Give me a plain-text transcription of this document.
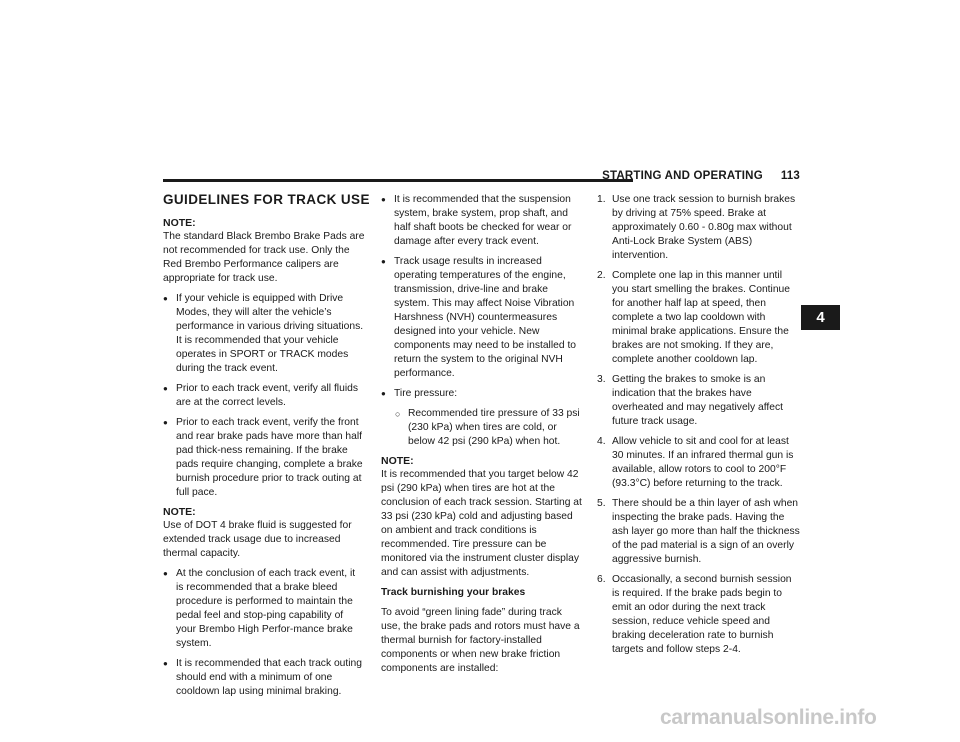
STARTING AND OPERATING 113
4
GUIDELINES FOR TRACK USE
NOTE:

The standard Black Brembo Brake Pads are not recommended for track use. Only the Red Brembo Performance calipers are appropriate for track use.

● If your vehicle is equipped with Drive Modes, they will alter the vehicle’s performance in various driving situations. It is recommended that your vehicle operates in SPORT or TRACK modes during the track event.
● Prior to each track event, verify all fluids are at the correct levels.
● Prior to each track event, verify the front and rear brake pads have more than half pad thick-ness remaining. If the brake pads require changing, complete a brake burnish procedure prior to track outing at full pace.
NOTE:

Use of DOT 4 brake fluid is suggested for extended track usage due to increased thermal capacity.

● At the conclusion of each track event, it is recommended that a brake bleed procedure is performed to maintain the pedal feel and stop-ping capability of your Brembo High Perfor-mance brake system.
● It is recommended that each track outing should end with a minimum of one cooldown lap using minimal braking.
● It is recommended that the suspension system, brake system, prop shaft, and half shaft boots be checked for wear or damage after every track event.
● Track usage results in increased operating temperatures of the engine, transmission, drive-line and brake system. This may affect Noise Vibration Harshness (NVH) countermeasures designed into your vehicle. New components may need to be installed to return the system to the original NVH performance.
● Tire pressure:
○ Recommended tire pressure of 33 psi (230 kPa) when tires are cold, or below 42 psi (290 kPa) when hot.
NOTE:

It is recommended that you target below 42 psi (290 kPa) when tires are hot at the conclusion of each track session. Starting at 33 psi (230 kPa) cold and adjusting based on ambient and track conditions is recommended. Tire pressure can be monitored via the instrument cluster display and can assist with adjustments.

Track burnishing your brakes

To avoid “green lining fade” during track use, the brake pads and rotors must have a thermal burnish for factory-installed components or when new brake friction components are installed:

1. Use one track session to burnish brakes by driving at 75% speed. Brake at approximately 0.60 - 0.80g max without Anti-Lock Brake System (ABS) intervention.
2. Complete one lap in this manner until you start smelling the brakes. Continue for another half lap at speed, then complete a two lap cooldown with minimal brake applications. Ensure the brakes are not smoking. If they are, complete another cooldown lap.
3. Getting the brakes to smoke is an indication that the brakes have overheated and may negatively affect future track usage.
4. Allow vehicle to sit and cool for at least 30 minutes. If an infrared thermal gun is available, allow rotors to cool to 200°F (93.3°C) before returning to the track.
5. There should be a thin layer of ash when inspecting the brake pads. Having the ash layer go more than half the thickness of the pad material is a sign of an overly aggressive burnish.
6. Occasionally, a second burnish session is required. If the brake pads begin to emit an odor during the next track session, reduce vehicle speed and braking deceleration rate to burnish targets and follow steps 2-4.
carmanualsonline.info
